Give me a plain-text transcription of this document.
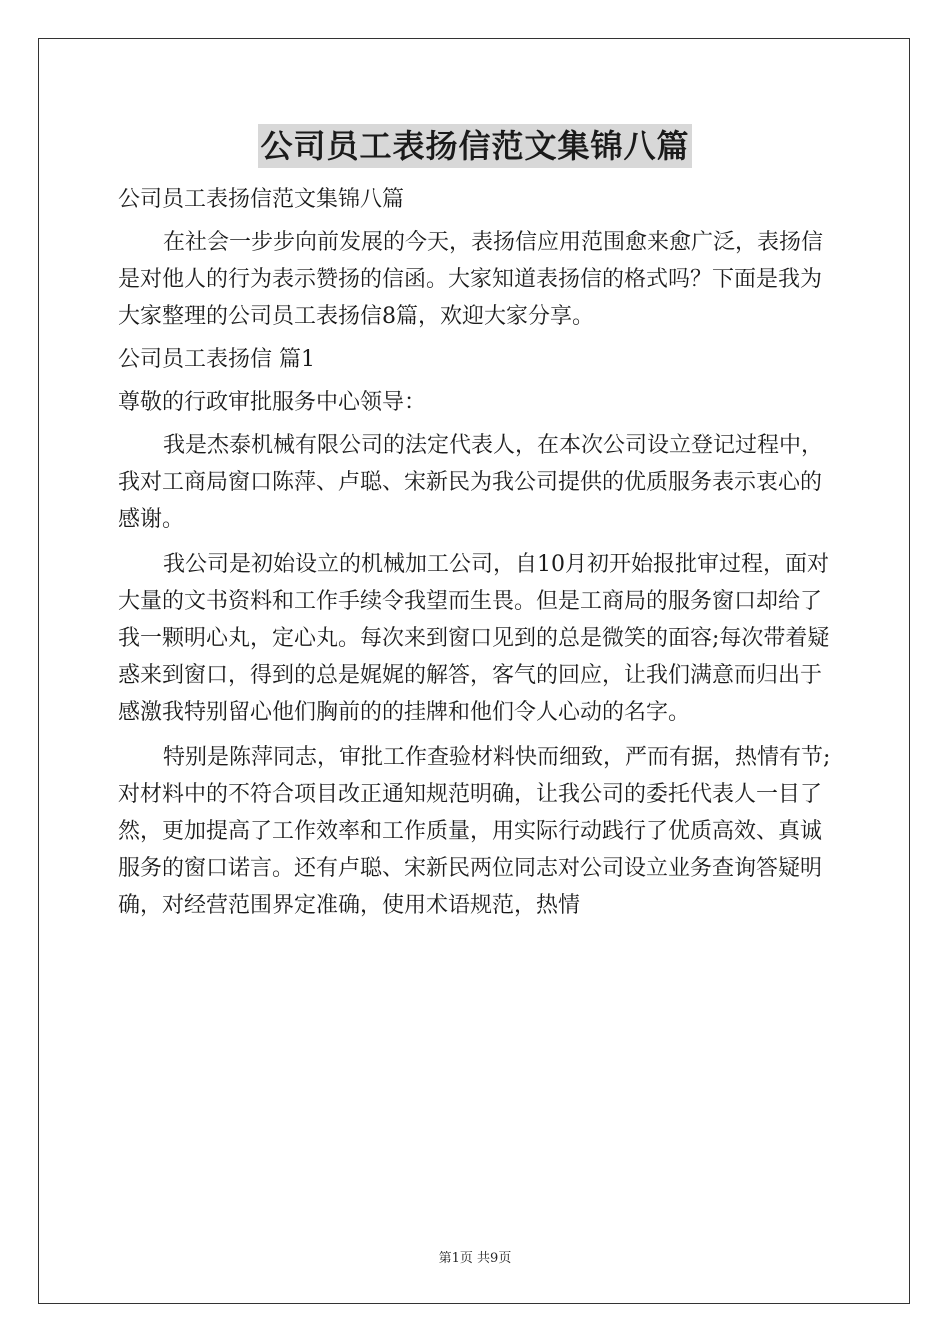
公司员工表扬信范文集锦八篇

公司员工表扬信范文集锦八篇

在社会一步步向前发展的今天，表扬信应用范围愈来愈广泛，表扬信是对他人的行为表示赞扬的信函。大家知道表扬信的格式吗？下面是我为大家整理的公司员工表扬信8篇，欢迎大家分享。

公司员工表扬信 篇1

尊敬的行政审批服务中心领导：

我是杰泰机械有限公司的法定代表人，在本次公司设立登记过程中，我对工商局窗口陈萍、卢聪、宋新民为我公司提供的优质服务表示衷心的感谢。

我公司是初始设立的机械加工公司，自10月初开始报批审过程，面对大量的文书资料和工作手续令我望而生畏。但是工商局的服务窗口却给了我一颗明心丸，定心丸。每次来到窗口见到的总是微笑的面容;每次带着疑惑来到窗口，得到的总是娓娓的解答，客气的回应，让我们满意而归出于感激我特别留心他们胸前的的挂牌和他们令人心动的名字。

特别是陈萍同志，审批工作查验材料快而细致，严而有据，热情有节;对材料中的不符合项目改正通知规范明确，让我公司的委托代表人一目了然，更加提高了工作效率和工作质量，用实际行动践行了优质高效、真诚服务的窗口诺言。还有卢聪、宋新民两位同志对公司设立业务查询答疑明确，对经营范围界定准确，使用术语规范，热情

第1页 共9页
